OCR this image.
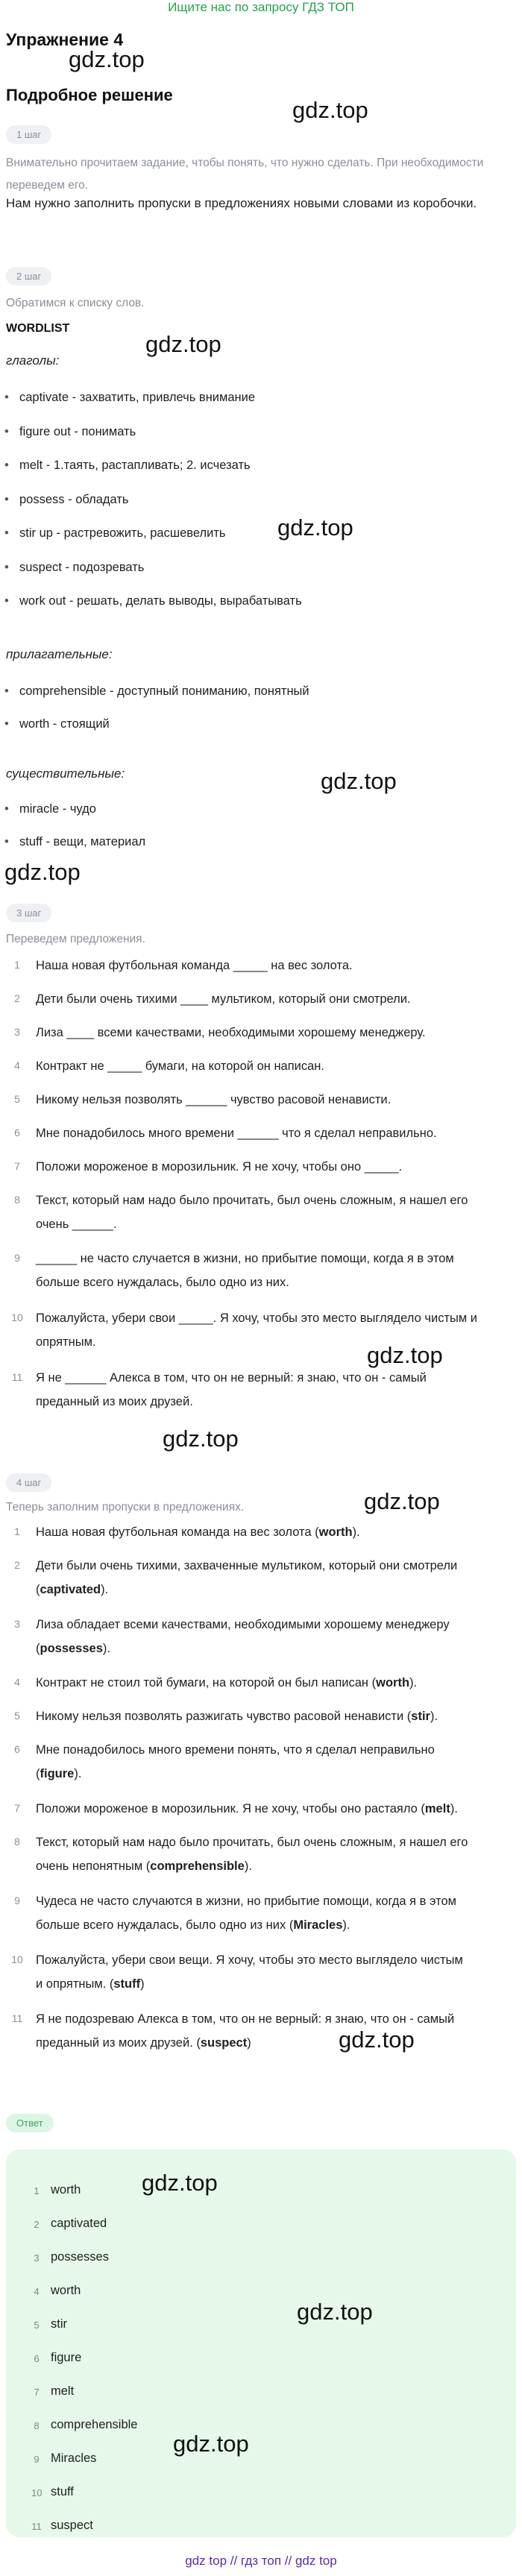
Ищите нас по запросу ГДЗ ТОП
Упражнение 4
gdz.top
Подробное решение
gdz.top
1 шаг
Внимательно прочитаем задание, чтобы понять, что нужно сделать. При необходимости переведем его.
Нам нужно заполнить пропуски в предложениях новыми словами из коробочки.
2 шаг
Обратимся к списку слов.
WORDLIST
gdz.top
глаголы:
• captivate - захватить, привлечь внимание
• figure out - понимать
• melt - 1.таять, растапливать; 2. исчезать
• possess - обладать
• stir up - растревожить, расшевелить
• suspect - подозревать
• work out - решать, делать выводы, вырабатывать
gdz.top
прилагательные:
• comprehensible - доступный пониманию, понятный
• worth - стоящий
существительные:	gdz.top
• miracle - чудо
• stuff - вещи, материал
gdz.top
3 шаг
Переведем предложения.
1	Наша новая футбольная команда _____ на вес золота.
2	Дети были очень тихими ____ мультиком, который они смотрели.
3	Лиза ____ всеми качествами, необходимыми хорошему менеджеру.
4	Контракт не _____ бумаги, на которой он написан.
5	Никому нельзя позволять ______ чувство расовой ненависти.
6	Мне понадобилось много времени ______ что я сделал неправильно.
7	Положи мороженое в морозильник. Я не хочу, чтобы оно _____.
8	Текст, который нам надо было прочитать, был очень сложным, я нашел его
очень ______.
9	______ не часто случается в жизни, но прибытие помощи, когда я в этом
больше всего нуждалась, было одно из них.
10	Пожалуйста, убери свои _____. Я хочу, чтобы это место выглядело чистым и
опрятным.
11	Я не ______ Алекса в том, что он не верный: я знаю, что он - самый
преданный из моих друзей.
gdz.top
gdz.top
4 шаг
Теперь заполним пропуски в предложениях.	gdz.top
1	Наша новая футбольная команда на вес золота (worth).
2	Дети были очень тихими, захваченные мультиком, который они смотрели
(captivated).
3	Лиза обладает всеми качествами, необходимыми хорошему менеджеру
(possesses).
4	Контракт не стоил той бумаги, на которой он был написан (worth).
5	Никому нельзя позволять разжигать чувство расовой ненависти (stir).
6	Мне понадобилось много времени понять, что я сделал неправильно
(figure).
7	Положи мороженое в морозильник. Я не хочу, чтобы оно растаяло (melt).
8	Текст, который нам надо было прочитать, был очень сложным, я нашел его
очень непонятным (comprehensible).
9	Чудеса не часто случаются в жизни, но прибытие помощи, когда я в этом
больше всего нуждалась, было одно из них (Miracles).
10	Пожалуйста, убери свои вещи. Я хочу, чтобы это место выглядело чистым
и опрятным. (stuff)
11	Я не подозреваю Алекса в том, что он не верный: я знаю, что он - самый
преданный из моих друзей. (suspect)	gdz.top
Ответ
1 worth
2 captivated
3 possesses
4 worth
5 stir
6 figure
7 melt
8 comprehensible
9 Miracles
10 stuff
11 suspect
gdz.top
gdz.top
gdz.top
gdz top // гдз топ // gdz top
